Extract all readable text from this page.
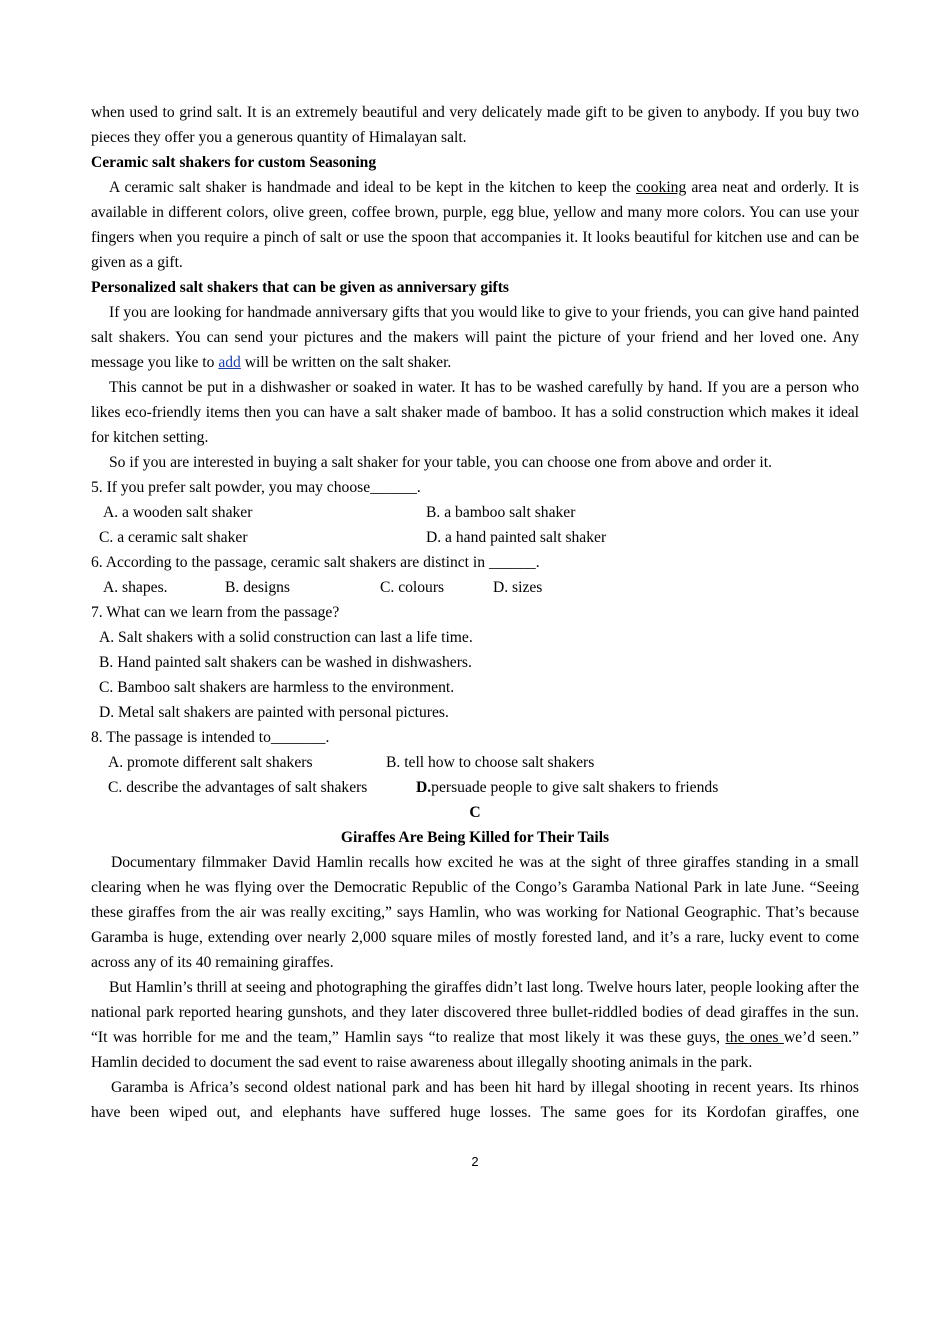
when used to grind salt. It is an extremely beautiful and very delicately made gift to be given to anybody. If you buy two pieces they offer you a generous quantity of Himalayan salt.

Ceramic salt shakers for custom Seasoning

A ceramic salt shaker is handmade and ideal to be kept in the kitchen to keep the cooking area neat and orderly. It is available in different colors, olive green, coffee brown, purple, egg blue, yellow and many more colors. You can use your fingers when you require a pinch of salt or use the spoon that accompanies it. It looks beautiful for kitchen use and can be given as a gift.

Personalized salt shakers that can be given as anniversary gifts

If you are looking for handmade anniversary gifts that you would like to give to your friends, you can give hand painted salt shakers. You can send your pictures and the makers will paint the picture of your friend and her loved one. Any message you like to add will be written on the salt shaker.

This cannot be put in a dishwasher or soaked in water. It has to be washed carefully by hand. If you are a person who likes eco-friendly items then you can have a salt shaker made of bamboo. It has a solid construction which makes it ideal for kitchen setting.

So if you are interested in buying a salt shaker for your table, you can choose one from above and order it.

5. If you prefer salt powder, you may choose______.

A. a wooden salt shaker	B. a bamboo salt shaker
C. a ceramic salt shaker	D. a hand painted salt shaker

6. According to the passage, ceramic salt shakers are distinct in ______.

A. shapes.	B. designs	C. colours	D. sizes

7. What can we learn from the passage?

A. Salt shakers with a solid construction can last a life time.

B. Hand painted salt shakers can be washed in dishwashers.

C. Bamboo salt shakers are harmless to the environment.

D. Metal salt shakers are painted with personal pictures.

8. The passage is intended to_______.

A. promote different salt shakers	B. tell how to choose salt shakers
C. describe the advantages of salt shakers	D.persuade people to give salt shakers to friends

C

Giraffes Are Being Killed for Their Tails

Documentary filmmaker David Hamlin recalls how excited he was at the sight of three giraffes standing in a small clearing when he was flying over the Democratic Republic of the Congo’s Garamba National Park in late June. “Seeing these giraffes from the air was really exciting,” says Hamlin, who was working for National Geographic. That’s because Garamba is huge, extending over nearly 2,000 square miles of mostly forested land, and it’s a rare, lucky event to come across any of its 40 remaining giraffes.

But Hamlin’s thrill at seeing and photographing the giraffes didn’t last long. Twelve hours later, people looking after the national park reported hearing gunshots, and they later discovered three bullet-riddled bodies of dead giraffes in the sun. “It was horrible for me and the team,” Hamlin says “to realize that most likely it was these guys, the ones we’d seen.” Hamlin decided to document the sad event to raise awareness about illegally shooting animals in the park.

Garamba is Africa’s second oldest national park and has been hit hard by illegal shooting in recent years. Its rhinos have been wiped out, and elephants have suffered huge losses. The same goes for its Kordofan giraffes, one

2
